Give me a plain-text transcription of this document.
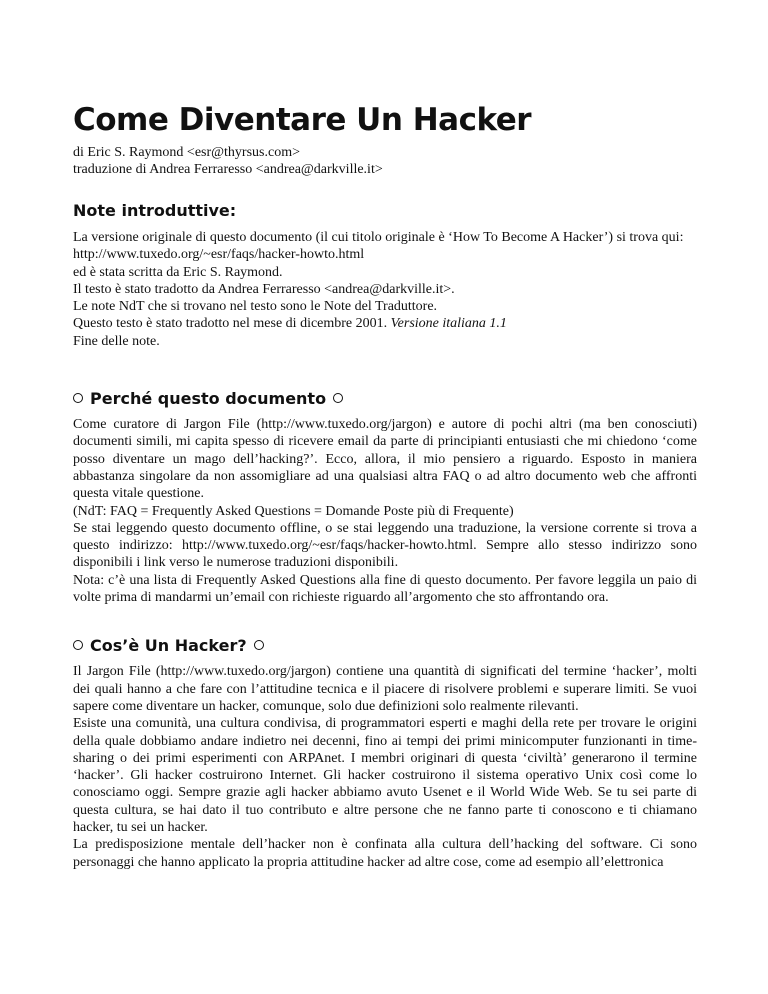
Come Diventare Un Hacker
di Eric S. Raymond <esr@thyrsus.com>
traduzione di Andrea Ferraresso <andrea@darkville.it>
Note introduttive:

La versione originale di questo documento (il cui titolo originale è ‘How To Become A Hacker’) si trova qui:

http://www.tuxedo.org/~esr/faqs/hacker-howto.html

ed è stata scritta da Eric S. Raymond.

Il testo è stato tradotto da Andrea Ferraresso <andrea@darkville.it>.

Le note NdT che si trovano nel testo sono le Note del Traduttore.

Questo testo è stato tradotto nel mese di dicembre 2001. Versione italiana 1.1

Fine delle note.

Perché questo documento

Come curatore di Jargon File (http://www.tuxedo.org/jargon) e autore di pochi altri (ma ben conosciuti) documenti simili, mi capita spesso di ricevere email da parte di principianti entusiasti che mi chiedono ‘come posso diventare un mago dell’hacking?’. Ecco, allora, il mio pensiero a riguardo. Esposto in maniera abbastanza singolare da non assomigliare ad una qualsiasi altra FAQ o ad altro documento web che affronti questa vitale questione.

(NdT: FAQ = Frequently Asked Questions = Domande Poste più di Frequente)

Se stai leggendo questo documento offline, o se stai leggendo una traduzione, la versione corrente si trova a questo indirizzo: http://www.tuxedo.org/~esr/faqs/hacker-howto.html. Sempre allo stesso indirizzo sono disponibili i link verso le numerose traduzioni disponibili.

Nota: c’è una lista di Frequently Asked Questions alla fine di questo documento. Per favore leggila un paio di volte prima di mandarmi un’email con richieste riguardo all’argomento che sto affrontando ora.

Cos’è Un Hacker?

Il Jargon File (http://www.tuxedo.org/jargon) contiene una quantità di significati del termine ‘hacker’, molti dei quali hanno a che fare con l’attitudine tecnica e il piacere di risolvere problemi e superare limiti. Se vuoi sapere come diventare un hacker, comunque, solo due definizioni solo realmente rilevanti.

Esiste una comunità, una cultura condivisa, di programmatori esperti e maghi della rete per trovare le origini della quale dobbiamo andare indietro nei decenni, fino ai tempi dei primi minicomputer funzionanti in time-sharing o dei primi esperimenti con ARPAnet. I membri originari di questa ‘civiltà’ generarono il termine ‘hacker’. Gli hacker costruirono Internet. Gli hacker costruirono il sistema operativo Unix così come lo conosciamo oggi. Sempre grazie agli hacker abbiamo avuto Usenet e il World Wide Web. Se tu sei parte di questa cultura, se hai dato il tuo contributo e altre persone che ne fanno parte ti conoscono e ti chiamano hacker, tu sei un hacker.

La predisposizione mentale dell’hacker non è confinata alla cultura dell’hacking del software. Ci sono personaggi che hanno applicato la propria attitudine hacker ad altre cose, come ad esempio all’elettronica
